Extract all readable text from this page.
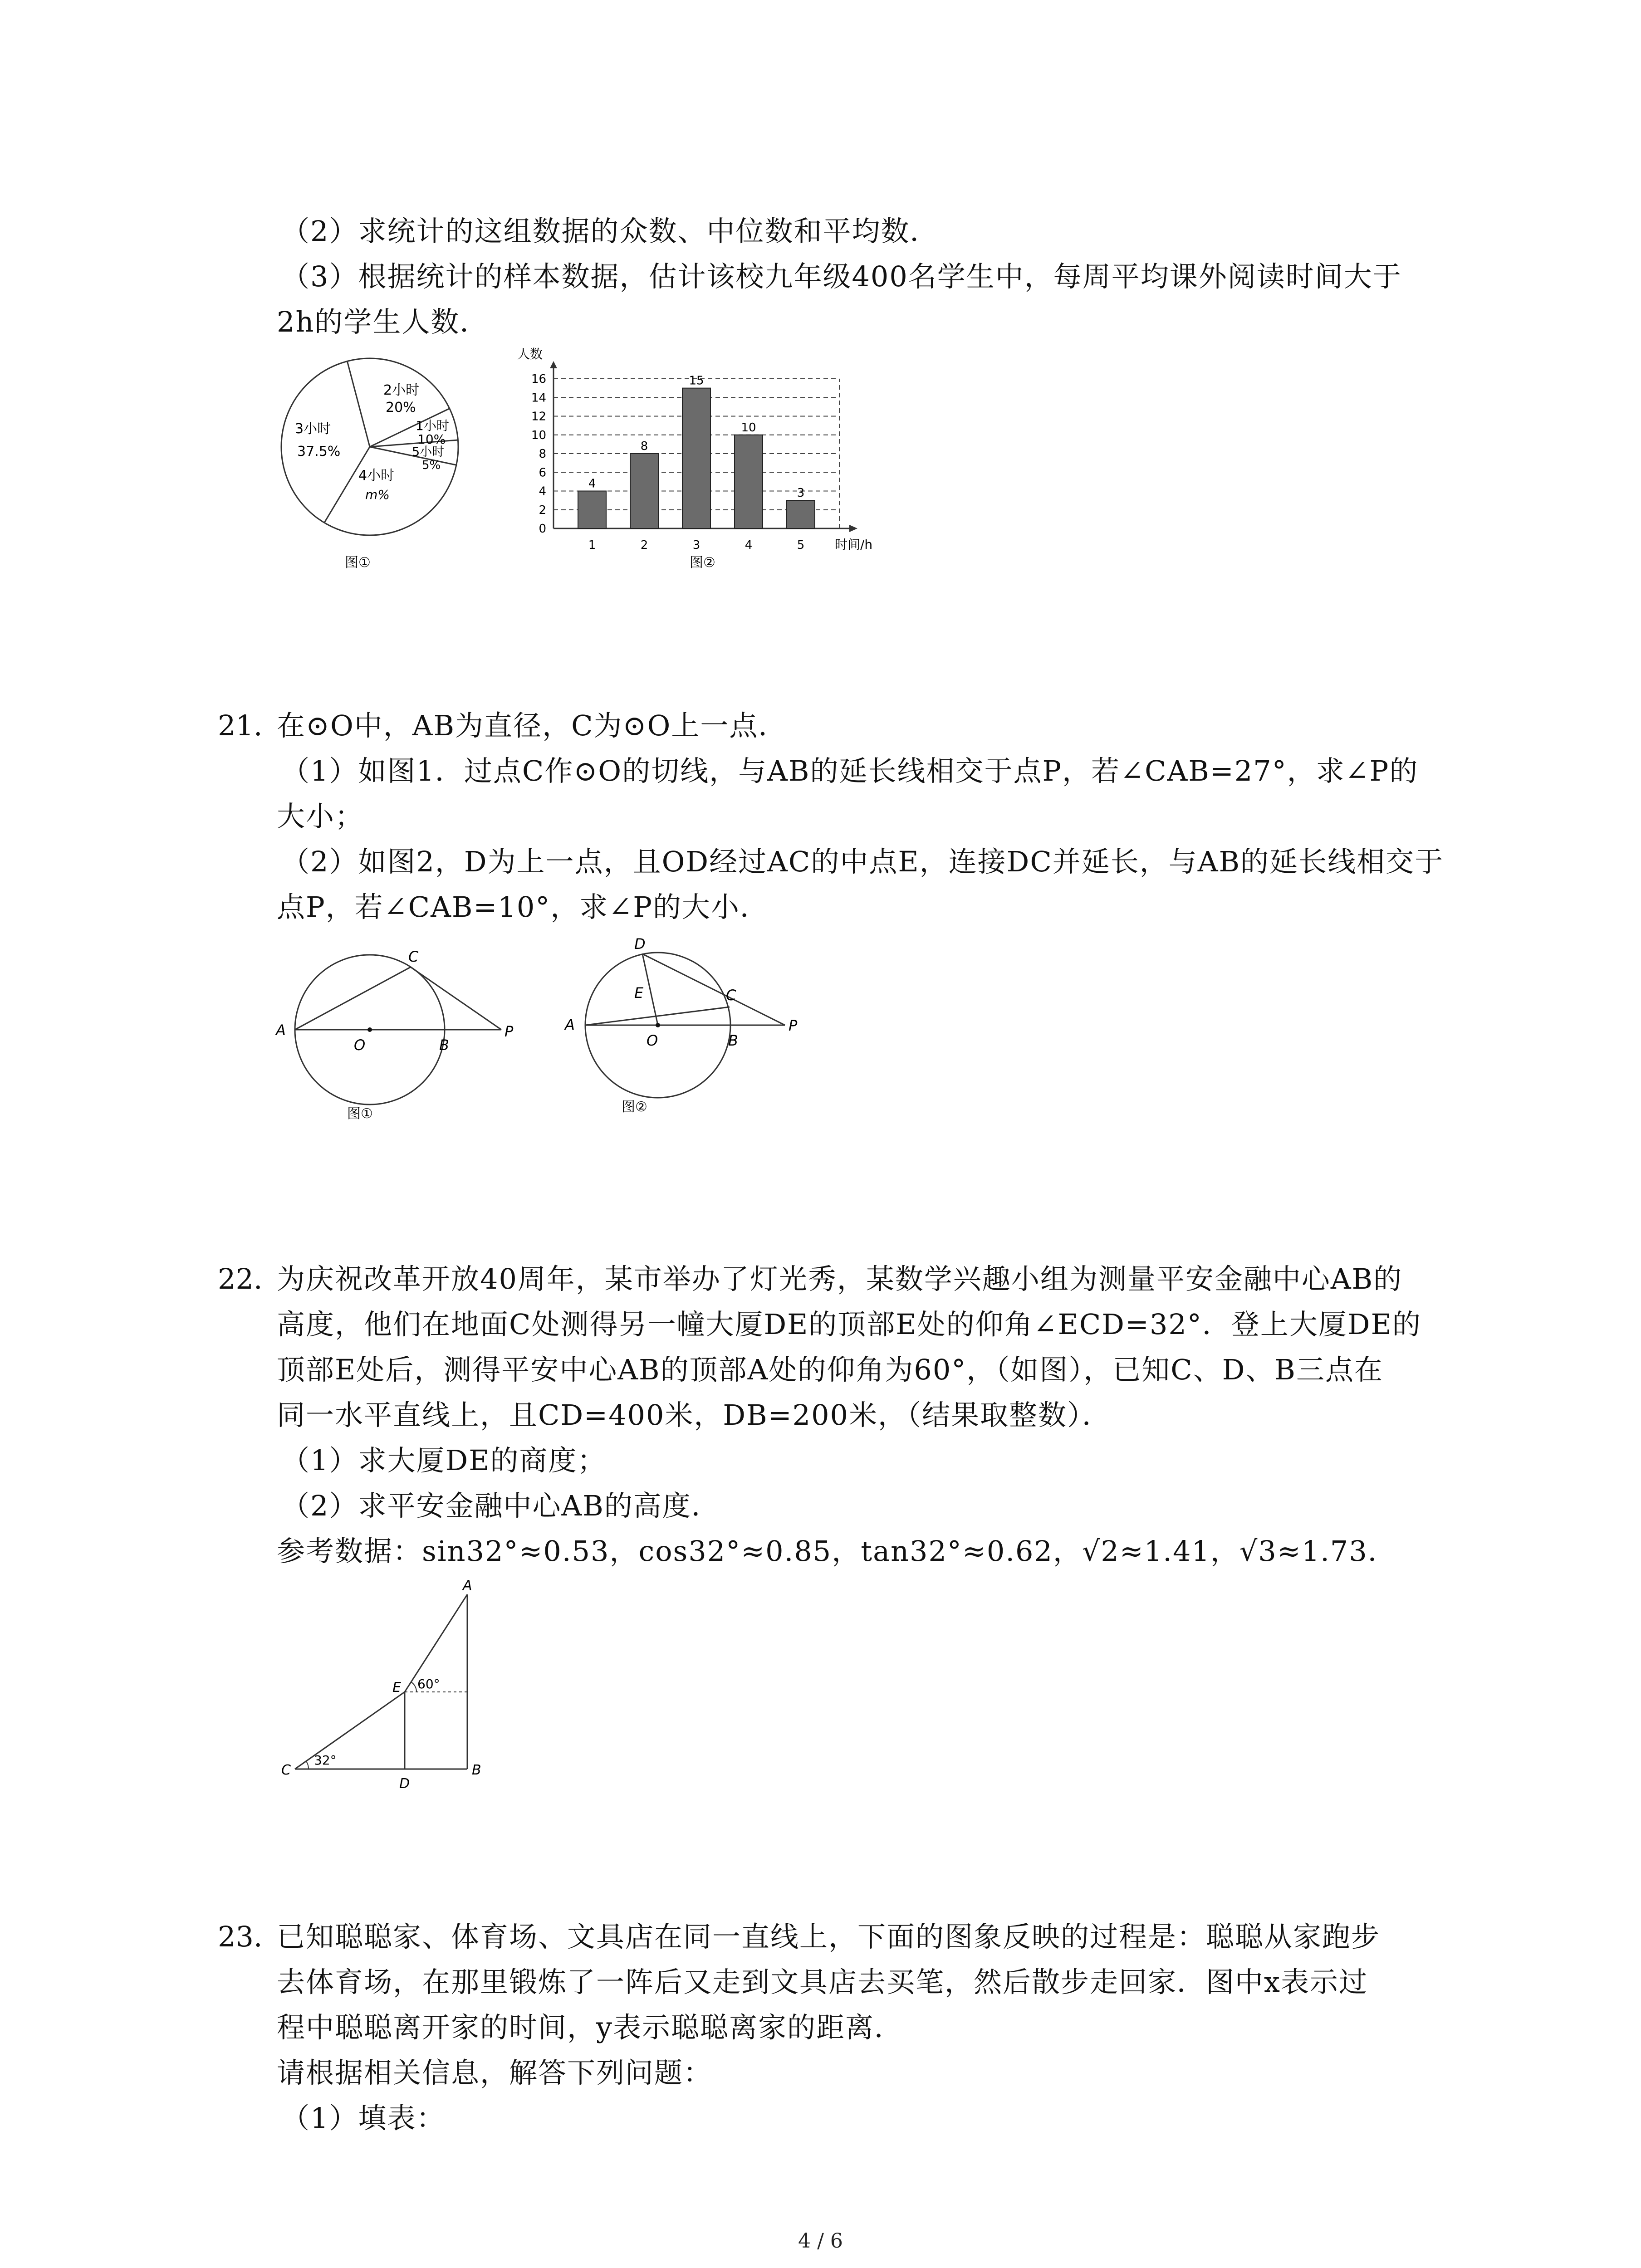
（2）求统计的这组数据的众数、中位数和平均数．
（3）根据统计的样本数据，估计该校九年级400名学生中，每周平均课外阅读时间大于
2h的学生人数．
2小时
20%
1小时
10%
5小时
5%
4小时
m%
3小时
37.5%
图①
0
2
4
6
8
10
12
14
16
4
1
8
2
15
3
10
4
3
5
人数
时间/h
图②
21. 在⊙O中，AB为直径，C为⊙O上一点．
（1）如图1．过点C作⊙O的切线，与AB的延长线相交于点P，若∠CAB=27°，求∠P的
大小；
（2）如图2，D为上一点，且OD经过AC的中点E，连接DC并延长，与AB的延长线相交于
点P，若∠CAB=10°，求∠P的大小．
A
O	B
P
C
图①
A
O	B
P
C
D
E
图②
22. 为庆祝改革开放40周年，某市举办了灯光秀，某数学兴趣小组为测量平安金融中心AB的
高度，他们在地面C处测得另一幢大厦DE的顶部E处的仰角∠ECD=32°．登上大厦DE的
顶部E处后，测得平安中心AB的顶部A处的仰角为60°，（如图），已知C、D、B三点在
同一水平直线上，且CD=400米，DB=200米，（结果取整数）．
（1）求大厦DE的商度；
（2）求平安金融中心AB的高度．
参考数据：sin32°≈0.53，cos32°≈0.85，tan32°≈0.62，√2≈1.41，√3≈1.73．
A
E 60°
C
32°
D
B
23. 已知聪聪家、体育场、文具店在同一直线上，下面的图象反映的过程是：聪聪从家跑步
去体育场，在那里锻炼了一阵后又走到文具店去买笔，然后散步走回家．图中x表示过
程中聪聪离开家的时间，y表示聪聪离家的距离．
请根据相关信息，解答下列问题：
（1）填表：
4 / 6
